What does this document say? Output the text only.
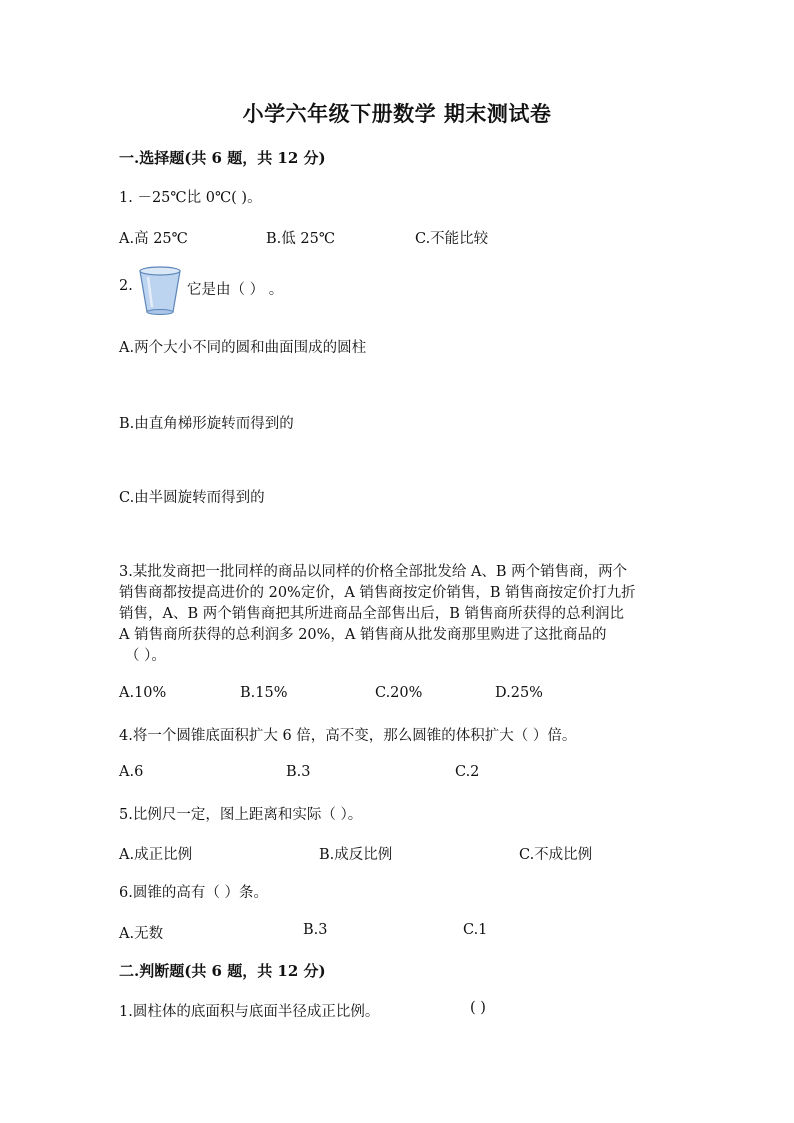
小学六年级下册数学 期末测试卷
一.选择题(共 6 题，共 12 分)
1. －25℃比 0℃( )。
A.高 25℃	B.低 25℃	C.不能比较
2.	它是由（ ） 。
A.两个大小不同的圆和曲面围成的圆柱
B.由直角梯形旋转而得到的
C.由半圆旋转而得到的
3.某批发商把一批同样的商品以同样的价格全部批发给 A、B 两个销售商，两个
销售商都按提高进价的 20%定价，A 销售商按定价销售，B 销售商按定价打九折
销售，A、B 两个销售商把其所进商品全部售出后，B 销售商所获得的总利润比
A 销售商所获得的总利润多 20%，A 销售商从批发商那里购进了这批商品的
（ ）。
A.10%	B.15%	C.20%	D.25%
4.将一个圆锥底面积扩大 6 倍，高不变，那么圆锥的体积扩大（ ）倍。
A.6	B.3	C.2
5.比例尺一定，图上距离和实际（ ）。
A.成正比例	B.成反比例	C.不成比例
6.圆锥的高有（ ）条。
A.无数	B.3	C.1
二.判断题(共 6 题，共 12 分)
1.圆柱体的底面积与底面半径成正比例。	( )
